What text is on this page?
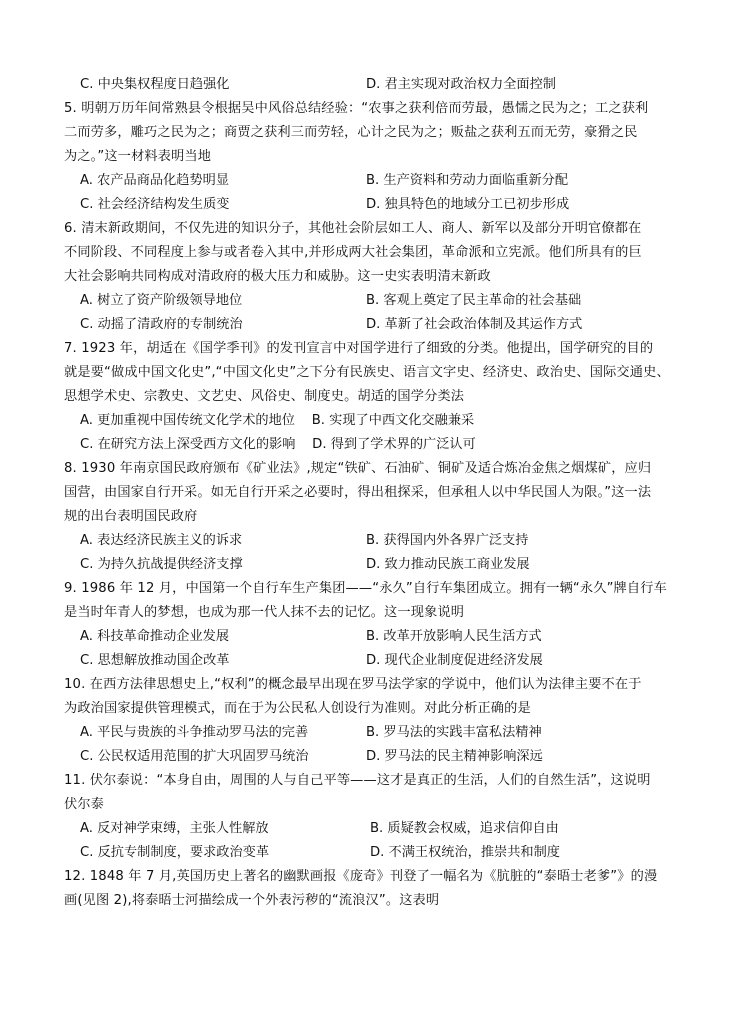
C. 中央集权程度日趋强化	D. 君主实现对政治权力全面控制
5. 明朝万历年间常熟县令根据吴中风俗总结经验：“农事之获利倍而劳最，愚懦之民为之；工之获利
二而劳多，雕巧之民为之；商贾之获利三而劳轻，心计之民为之；贩盐之获利五而无劳，豪猾之民
为之。”这一材料表明当地
A. 农产品商品化趋势明显	B. 生产资料和劳动力面临重新分配
C. 社会经济结构发生质变	D. 独具特色的地域分工已初步形成
6. 清末新政期间，不仅先进的知识分子，其他社会阶层如工人、商人、新军以及部分开明官僚都在
不同阶段、不同程度上参与或者卷入其中,并形成两大社会集团，革命派和立宪派。他们所具有的巨
大社会影响共同构成对清政府的极大压力和威胁。这一史实表明清末新政
A. 树立了资产阶级领导地位	B. 客观上奠定了民主革命的社会基础
C. 动摇了清政府的专制统治	D. 革新了社会政治体制及其运作方式
7. 1923 年，胡适在《国学季刊》的发刊宣言中对国学进行了细致的分类。他提出，国学研究的目的
就是要“做成中国文化史”,“中国文化史”之下分有民族史、语言文字史、经济史、政治史、国际交通史、
思想学术史、宗教史、文艺史、风俗史、制度史。胡适的国学分类法
A. 更加重视中国传统文化学术的地位    B. 实现了中西文化交融兼采
C. 在研究方法上深受西方文化的影响    D. 得到了学术界的广泛认可
8. 1930 年南京国民政府颁布《矿业法》,规定“铁矿、石油矿、铜矿及适合炼冶金焦之烟煤矿，应归
国营，由国家自行开采。如无自行开采之必要时，得出租探采，但承租人以中华民国人为限。”这一法
规的出台表明国民政府
A. 表达经济民族主义的诉求	B. 获得国内外各界广泛支持
C. 为持久抗战提供经济支撑	D. 致力推动民族工商业发展
9. 1986 年 12 月，中国第一个自行车生产集团——“永久”自行车集团成立。拥有一辆“永久”牌自行车
是当时年青人的梦想，也成为那一代人抹不去的记忆。这一现象说明
A. 科技革命推动企业发展	B. 改革开放影响人民生活方式
C. 思想解放推动国企改革	D. 现代企业制度促进经济发展
10. 在西方法律思想史上,“权利”的概念最早出现在罗马法学家的学说中，他们认为法律主要不在于
为政治国家提供管理模式，而在于为公民私人创设行为准则。对此分析正确的是
A. 平民与贵族的斗争推动罗马法的完善	B. 罗马法的实践丰富私法精神
C. 公民权适用范围的扩大巩固罗马统治	D. 罗马法的民主精神影响深远
11. 伏尔泰说：“本身自由，周围的人与自己平等——这才是真正的生活，人们的自然生活”，这说明
伏尔泰
A. 反对神学束缚，主张人性解放	B. 质疑教会权威，追求信仰自由
C. 反抗专制制度，要求政治变革	D. 不满王权统治，推崇共和制度
12. 1848 年 7 月,英国历史上著名的幽默画报《庞奇》刊登了一幅名为《肮脏的“泰晤士老爹”》的漫
画(见图 2),将泰晤士河描绘成一个外表污秽的“流浪汉”。这表明
